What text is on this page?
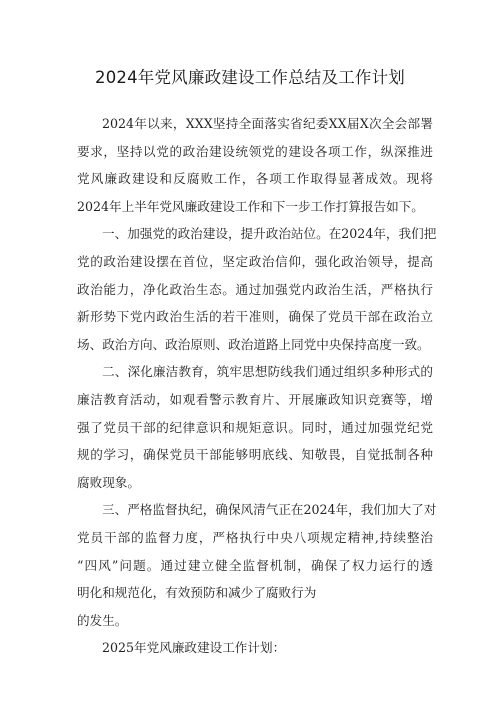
2024年党风廉政建设工作总结及工作计划
2024年以来，XXX坚持全面落实省纪委XX届X次全会部署
要求，坚持以党的政治建设统领党的建设各项工作，纵深推进
党风廉政建设和反腐败工作，各项工作取得显著成效。现将
2024年上半年党风廉政建设工作和下一步工作打算报告如下。
一、加强党的政治建设，提升政治站位。在2024年，我们把
党的政治建设摆在首位，坚定政治信仰，强化政治领导，提高
政治能力，净化政治生态。通过加强党内政治生活，严格执行
新形势下党内政治生活的若干准则，确保了党员干部在政治立
场、政治方向、政治原则、政治道路上同党中央保持高度一致。
二、深化廉洁教育，筑牢思想防线我们通过组织多种形式的
廉洁教育活动，如观看警示教育片、开展廉政知识竞赛等，增
强了党员干部的纪律意识和规矩意识。同时，通过加强党纪党
规的学习，确保党员干部能够明底线、知敬畏，自觉抵制各种
腐败现象。
三、严格监督执纪，确保风清气正在2024年，我们加大了对
党员干部的监督力度，严格执行中央八项规定精神,持续整治
“四风”问题。通过建立健全监督机制，确保了权力运行的透
明化和规范化，有效预防和减少了腐败行为
的发生。
2025年党风廉政建设工作计划：
